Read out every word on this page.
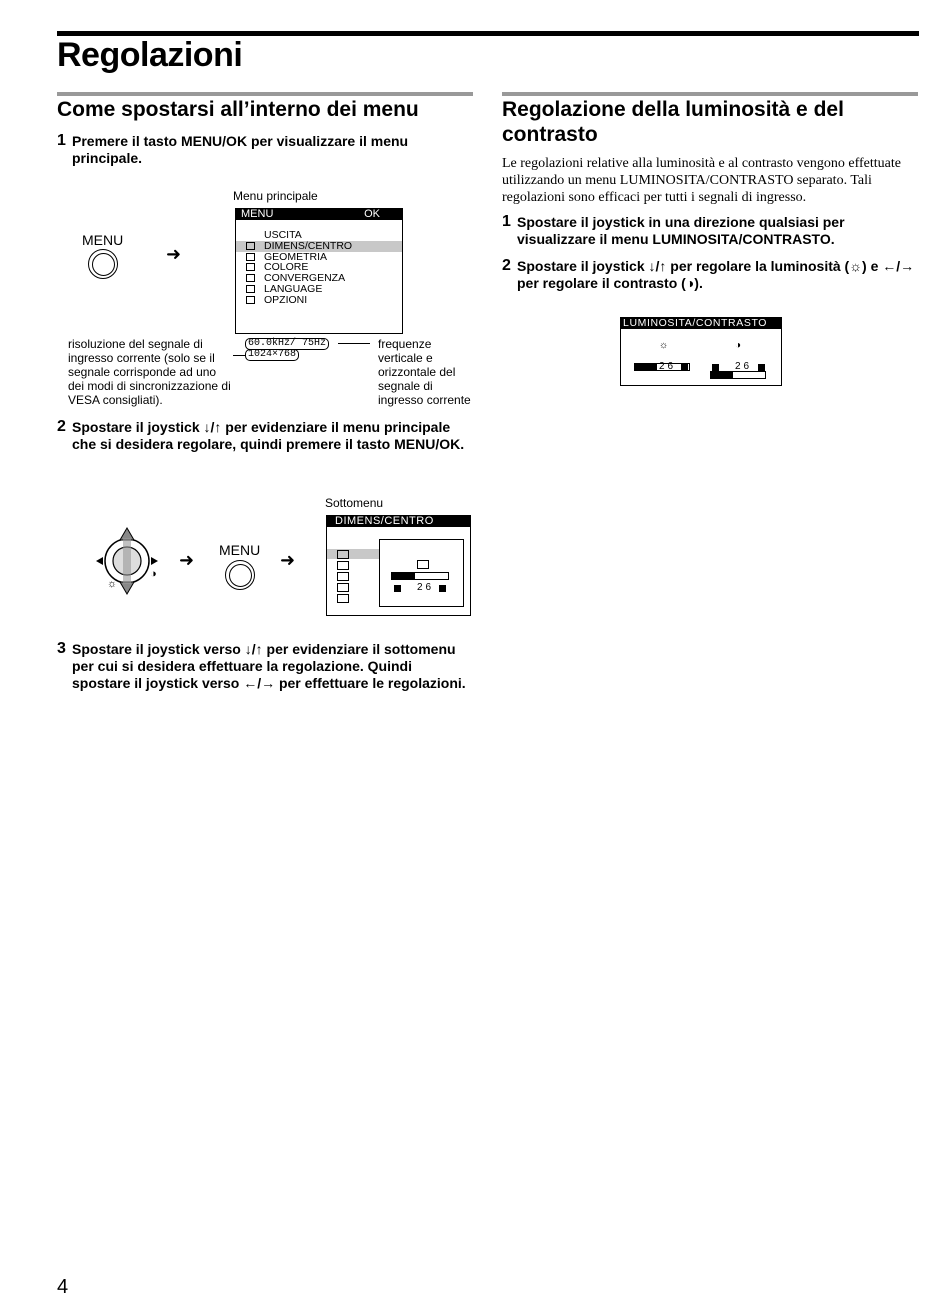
Regolazioni
Come spostarsi all’interno dei menu
1 Premere il tasto MENU/OK per visualizzare il menu principale.
Menu principale
MENU
➜
MENU	OK
USCITA
DIMENS/CENTRO
GEOMETRIA
COLORE
CONVERGENZA
LANGUAGE
OPZIONI
60.0kHz/ 75Hz
1024×768
risoluzione del segnale di ingresso corrente (solo se il segnale corrisponde ad uno dei modi di sincronizzazione di VESA consigliati).
frequenze verticale e orizzontale del segnale di ingresso corrente
2 Spostare il joystick ↓/↑ per evidenziare il menu principale che si desidera regolare, quindi premere il tasto MENU/OK.
☼
◑
➜ MENU ➜
Sottomenu
DIMENS/CENTRO
26
3 Spostare il joystick verso ↓/↑ per evidenziare il sottomenu per cui si desidera effettuare la regolazione. Quindi spostare il joystick verso ←/→ per effettuare le regolazioni.
Regolazione della luminosità e del contrasto
Le regolazioni relative alla luminosità e al contrasto vengono effettuate utilizzando un menu LUMINOSITA/CONTRASTO separato. Tali regolazioni sono efficaci per tutti i segnali di ingresso.
1 Spostare il joystick in una direzione qualsiasi per visualizzare il menu LUMINOSITA/CONTRASTO.
2 Spostare il joystick ↓/↑ per regolare la luminosità (☼) e ←/→ per regolare il contrasto (◑).
LUMINOSITA/CONTRASTO
☼	◑
26	26
4
